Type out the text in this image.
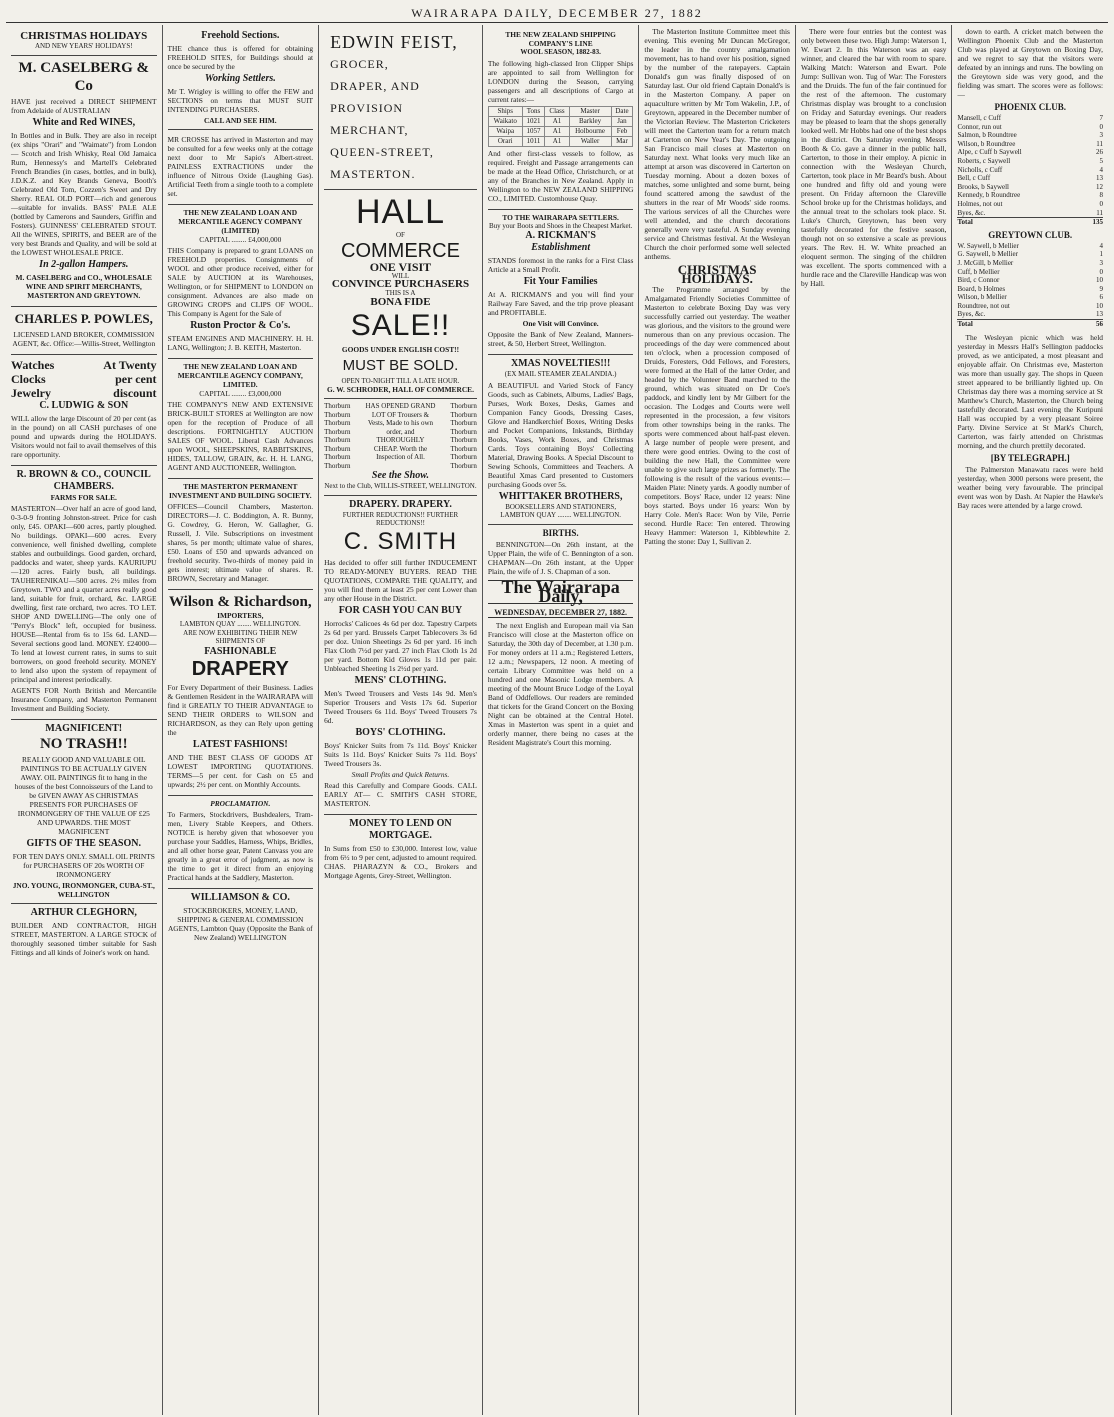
WAIRARAPA DAILY, DECEMBER 27, 1882
CHRISTMAS HOLIDAYS
AND NEW YEARS' HOLIDAYS!
M. CASELBERG & Co

HAVE just received a DIRECT SHIPMENT from Adelaide of AUSTRALIAN

White and Red WINES,

In Bottles and in Bulk. They are also in receipt (ex ships "Orari" and "Waimate") from London — Scotch and Irish Whisky, Real Old Jamaica Rum, Hennessy's and Martell's Celebrated French Brandies (in cases, bottles, and in bulk), J.D.K.Z. and Key Brands Geneva, Booth's Celebrated Old Tom, Cozzen's Sweet and Dry Sherry. REAL OLD PORT—rich and generous—suitable for invalids. BASS' PALE ALE (bottled by Camerons and Saunders, Griffin and Fosters). GUINNESS' CELEBRATED STOUT. All the WINES, SPIRITS, and BEER are of the very best Brands and Quality, and will be sold at the LOWEST WHOLESALE PRICE.

In 2-gallon Hampers.

M. CASELBERG and CO., WHOLESALE WINE AND SPIRIT MERCHANTS, MASTERTON AND GREYTOWN.

CHARLES P. POWLES,

LICENSED LAND BROKER, COMMISSION AGENT, &c. Office:—Willis-Street, Wellington

Watches Clocks Jewelry
At Twenty per cent discount
C. LUDWIG & SON

WILL allow the large Discount of 20 per cent (as in the pound) on all CASH purchases of one pound and upwards during the HOLIDAYS. Visitors would not fail to avail themselves of this rare opportunity.

R. BROWN & CO., COUNCIL CHAMBERS.
FARMS FOR SALE.

MASTERTON—Over half an acre of good land, 0-3-0-9 fronting Johnston-street. Price for cash only, £45. OPAKI—600 acres, partly ploughed. No buildings. OPAKI—600 acres. Every convenience, well finished dwelling, complete stables and outbuildings. Good garden, orchard, paddocks and water, sheep yards. KAURIUPU—120 acres. Fairly bush, all buildings. TAUHERENIKAU—500 acres. 2½ miles from Greytown. TWO and a quarter acres really good land, suitable for fruit, orchard, &c. LARGE dwelling, first rate orchard, two acres. TO LET. SHOP AND DWELLING—The only one of "Perry's Block" left, occupied for business. HOUSE—Rental from 6s to 15s 6d. LAND—Several sections good land. MONEY. £24000—To lend at lowest current rates, in sums to suit borrowers, on good freehold security. MONEY to lend also upon the system of repayment of principal and interest periodically.

AGENTS FOR North British and Mercantile Insurance Company, and Masterton Permanent Investment and Building Society.

MAGNIFICENT!
NO TRASH!!

REALLY GOOD AND VALUABLE OIL PAINTINGS TO BE ACTUALLY GIVEN AWAY. OIL PAINTINGS fit to hang in the houses of the best Connoisseurs of the Land to be GIVEN AWAY AS CHRISTMAS PRESENTS FOR PURCHASES OF IRONMONGERY OF THE VALUE OF £25 AND UPWARDS. THE MOST MAGNIFICENT

GIFTS OF THE SEASON.

FOR TEN DAYS ONLY. SMALL OIL PRINTS for PURCHASERS OF 20s WORTH OF IRONMONGERY

JNO. YOUNG, IRONMONGER, CUBA-ST., WELLINGTON
ARTHUR CLEGHORN,

BUILDER AND CONTRACTOR, HIGH STREET, MASTERTON. A LARGE STOCK of thoroughly seasoned timber suitable for Sash Fittings and all kinds of Joiner's work on hand.

Freehold Sections.

THE chance thus is offered for obtaining FREEHOLD SITES, for Buildings should at once be secured by the

Working Settlers.

Mr T. Wrigley is willing to offer the FEW and SECTIONS on terms that MUST SUIT INTENDING PURCHASERS.

CALL AND SEE HIM.

MR CROSSE has arrived in Masterton and may be consulted for a few weeks only at the cottage next door to Mr Sapio's Albert-street. PAINLESS EXTRACTIONS under the influence of Nitrous Oxide (Laughing Gas). Artificial Teeth from a single tooth to a complete set.

THE NEW ZEALAND LOAN AND MERCANTILE AGENCY COMPANY (LIMITED)
CAPITAL ........ £4,000,000

THIS Company is prepared to grant LOANS on FREEHOLD properties. Consignments of WOOL and other produce received, either for SALE by AUCTION at its Warehouses, Wellington, or for SHIPMENT to LONDON on consignment. Advances are also made on GROWING CROPS and CLIPS OF WOOL. This Company is Agent for the Sale of

Ruston Proctor & Co's.

STEAM ENGINES AND MACHINERY. H. H. LANG, Wellington; J. B. KEITH, Masterton.

THE NEW ZEALAND LOAN AND MERCANTILE AGENCY COMPANY, LIMITED.
CAPITAL ........ £3,000,000

THE COMPANY'S NEW AND EXTENSIVE BRICK-BUILT STORES at Wellington are now open for the reception of Produce of all descriptions. FORTNIGHTLY AUCTION SALES OF WOOL. Liberal Cash Advances upon WOOL, SHEEPSKINS, RABBITSKINS, HIDES, TALLOW, GRAIN, &c. H. H. LANG, AGENT AND AUCTIONEER, Wellington.

THE MASTERTON PERMANENT INVESTMENT AND BUILDING SOCIETY.

OFFICES—Council Chambers, Masterton. DIRECTORS—J. C. Boddington, A. R. Bunny, G. Cowdrey, G. Heron, W. Gallagher, G. Russell, J. Vile. Subscriptions on investment shares, 5s per month; ultimate value of shares, £50. Loans of £50 and upwards advanced on freehold security. Two-thirds of money paid in gets interest; ultimate value of shares. R. BROWN, Secretary and Manager.

Wilson & Richardson,
IMPORTERS,
LAMBTON QUAY ........ WELLINGTON.
ARE NOW EXHIBITING THEIR NEW SHIPMENTS OF
FASHIONABLE
DRAPERY

For Every Department of their Business. Ladies & Gentlemen Resident in the WAIRARAPA will find it GREATLY TO THEIR ADVANTAGE to SEND THEIR ORDERS to WILSON and RICHARDSON, as they can Rely upon getting the

LATEST FASHIONS!

AND THE BEST CLASS OF GOODS AT LOWEST IMPORTING QUOTATIONS. TERMS—5 per cent. for Cash on £5 and upwards; 2½ per cent. on Monthly Accounts.

PROCLAMATION.

To Farmers, Stockdrivers, Bushdealers, Tram-men, Livery Stable Keepers, and Others. NOTICE is hereby given that whosoever you purchase your Saddles, Harness, Whips, Bridles, and all other horse gear, Patent Canvass you are greatly in a great error of judgment, as now is the time to get it direct from an enjoying Practical hands at the Saddlery, Masterton.

WILLIAMSON & CO.

STOCKBROKERS, MONEY, LAND, SHIPPING & GENERAL COMMISSION AGENTS, Lambton Quay (Opposite the Bank of New Zealand) WELLINGTON

EDWIN FEIST,
GROCER,
DRAPER, AND
PROVISION MERCHANT,
QUEEN-STREET,
MASTERTON.
HALL
OF
COMMERCE
ONE VISIT
WILL
CONVINCE PURCHASERS
THIS IS A
BONA FIDE
SALE!!
GOODS UNDER ENGLISH COST!!
MUST BE SOLD.
OPEN TO-NIGHT TILL A LATE HOUR.
G. W. SCHRODER, HALL OF COMMERCE.
Thorburn Thorburn Thorburn Thorburn Thorburn Thorburn Thorburn Thorburn
HAS OPENED GRAND LOT OF Trousers & Vests, Made to his own order, and THOROUGHLY CHEAP. Worth the Inspection of All.
Thorburn Thorburn Thorburn Thorburn Thorburn Thorburn Thorburn Thorburn
See the Show.
Next to the Club, WILLIS-STREET, WELLINGTON.
DRAPERY. DRAPERY.
FURTHER REDUCTIONS!! FURTHER REDUCTIONS!!
C. SMITH

Has decided to offer still further INDUCEMENT TO READY-MONEY BUYERS. READ THE QUOTATIONS, COMPARE THE QUALITY, and you will find them at least 25 per cent Lower than any other House in the District.

FOR CASH YOU CAN BUY

Horrocks' Calicoes 4s 6d per doz. Tapestry Carpets 2s 6d per yard. Brussels Carpet Tablecovers 3s 6d per doz. Union Sheetings 2s 6d per yard. 16 inch Flax Cloth 7½d per yard. 27 inch Flax Cloth 1s 2d per yard. Bottom Kid Gloves 1s 11d per pair. Unbleached Sheeting 1s 2½d per yard.

MENS' CLOTHING.

Men's Tweed Trousers and Vests 14s 9d. Men's Superior Trousers and Vests 17s 6d. Superior Tweed Trousers 6s 11d. Boys' Tweed Trousers 7s 6d.

BOYS' CLOTHING.

Boys' Knicker Suits from 7s 11d. Boys' Knicker Suits 1s 11d. Boys' Knicker Suits 7s 11d. Boys' Tweed Trousers 3s.

Small Profits and Quick Returns.

Read this Carefully and Compare Goods. CALL EARLY AT— C. SMITH'S CASH STORE, MASTERTON.

MONEY TO LEND ON MORTGAGE.

In Sums from £50 to £30,000. Interest low, value from 6½ to 9 per cent, adjusted to amount required. CHAS. PHARAZYN & CO., Brokers and Mortgage Agents, Grey-Street, Wellington.

THE NEW ZEALAND SHIPPING COMPANY'S LINE
WOOL SEASON, 1882-83.

The following high-classed Iron Clipper Ships are appointed to sail from Wellington for LONDON during the Season, carrying passengers and all descriptions of Cargo at current rates:—

Ships	Tons	Class	Master	Date
Waikato	1021	A1	Barkley	Jan
Waipa	1057	A1	Holbourne	Feb
Orari	1011	A1	Waller	Mar

And other first-class vessels to follow, as required. Freight and Passage arrangements can be made at the Head Office, Christchurch, or at any of the Branches in New Zealand. Apply in Wellington to the NEW ZEALAND SHIPPING CO., LIMITED. Customhouse Quay.

TO THE WAIRARAPA SETTLERS.
Buy your Boots and Shoes in the Cheapest Market.
A. RICKMAN'S
Establishment

STANDS foremost in the ranks for a First Class Article at a Small Profit.

Fit Your Families

At A. RICKMAN'S and you will find your Railway Fare Saved, and the trip prove pleasant and PROFITABLE.

One Visit will Convince.

Opposite the Bank of New Zealand, Manners-street, & 50, Herbert Street, Wellington.

XMAS NOVELTIES!!!
(EX MAIL STEAMER ZEALANDIA.)

A BEAUTIFUL and Varied Stock of Fancy Goods, such as Cabinets, Albums, Ladies' Bags, Purses, Work Boxes, Desks, Games and Companion Fancy Goods, Dressing Cases, Glove and Handkerchief Boxes, Writing Desks and Pocket Companions, Inkstands, Birthday Books, Vases, Work Boxes, and Christmas Cards. Toys containing Boys' Collecting Material, Drawing Books. A Special Discount to Sewing Schools, Committees and Teachers. A Beautiful Xmas Card presented to Customers purchasing Goods over 5s.

WHITTAKER BROTHERS,
BOOKSELLERS AND STATIONERS, LAMBTON QUAY ........ WELLINGTON.
BIRTHS.

BENNINGTON—On 26th instant, at the Upper Plain, the wife of C. Bennington of a son. CHAPMAN—On 26th instant, at the Upper Plain, the wife of J. S. Chapman of a son.

The Wairarapa Daily,
WEDNESDAY, DECEMBER 27, 1882.

The next English and European mail via San Francisco will close at the Masterton office on Saturday, the 30th day of December, at 1.30 p.m. For money orders at 11 a.m.; Registered Letters, 12 a.m.; Newspapers, 12 noon. A meeting of certain Library Committee was held on a hundred and one Masonic Lodge members. A meeting of the Mount Bruce Lodge of the Loyal Band of Oddfellows. Our readers are reminded that tickets for the Grand Concert on the Boxing Night can be obtained at the Central Hotel. Xmas in Masterton was spent in a quiet and orderly manner, there being no cases at the Resident Magistrate's Court this morning.

The Masterton Institute Committee meet this evening. This evening Mr Duncan McGregor, the leader in the country amalgamation movement, has to hand over his position, signed by the number of the ratepayers. Captain Donald's gun was finally disposed of on Saturday last. Our old friend Captain Donald's is in the Masterton Company. A paper on aquaculture written by Mr Tom Wakelin, J.P., of Greytown, appeared in the December number of the Victorian Review. The Masterton Cricketers will meet the Carterton team for a return match at Carterton on New Year's Day. The outgoing San Francisco mail closes at Masterton on Saturday next. What looks very much like an attempt at arson was discovered in Carterton on Tuesday morning. About a dozen boxes of matches, some unlighted and some burnt, being found scattered among the sawdust of the shutters in the rear of Mr Woods' side rooms. The various services of all the Churches were well attended, and the church decorations generally were very tasteful. A Sunday evening service and Christmas festival. At the Wesleyan Church the choir performed some well selected anthems.

CHRISTMAS HOLIDAYS.

The Programme arranged by the Amalgamated Friendly Societies Committee of Masterton to celebrate Boxing Day was very successfully carried out yesterday. The weather was glorious, and the visitors to the ground were numerous than on any previous occasion. The proceedings of the day were commenced about ten o'clock, when a procession composed of Druids, Foresters, Odd Fellows, and Foresters, were formed at the Hall of the latter Order, and headed by the Volunteer Band marched to the ground, which was situated on Dr Coe's paddock, and kindly lent by Mr Gilbert for the occasion. The Lodges and Courts were well represented in the procession, a few visitors from other townships being in the ranks. The sports were commenced about half-past eleven. A large number of people were present, and there were good entries. Owing to the cost of building the new Hall, the Committee were unable to give such large prizes as formerly. The following is the result of the various events:— Maiden Plate: Ninety yards. A goodly number of competitors. Boys' Race, under 12 years: Nine boys started. Boys under 16 years: Won by Harry Cole. Men's Race: Won by Vile, Perrie second. Hurdle Race: Ten entered. Throwing Heavy Hammer: Waterson 1, Kibblewhite 2. Patting the stone: Day 1, Sullivan 2.

There were four entries but the contest was only between these two. High Jump: Waterson 1, W. Ewart 2. In this Waterson was an easy winner, and cleared the bar with room to spare. Walking Match: Waterson and Ewart. Pole Jump: Sullivan won. Tug of War: The Foresters and the Druids. The fun of the fair continued for the rest of the afternoon. The customary Christmas display was brought to a conclusion on Friday and Saturday evenings. Our readers may be pleased to learn that the shops generally looked well. Mr Hobbs had one of the best shops in the district. On Saturday evening Messrs Booth & Co. gave a dinner in the public hall, Carterton, to those in their employ. A picnic in connection with the Wesleyan Church, Carterton, took place in Mr Beard's bush. About one hundred and fifty old and young were present. On Friday afternoon the Clareville School broke up for the Christmas holidays, and the annual treat to the scholars took place. St. Luke's Church, Greytown, has been very tastefully decorated for the festive season, though not on so extensive a scale as previous years. The Rev. H. W. White preached an eloquent sermon. The singing of the children was excellent. The sports commenced with a hurdle race and the Clareville Handicap was won by Hall.

down to earth. A cricket match between the Wellington Phoenix Club and the Masterton Club was played at Greytown on Boxing Day, and we regret to say that the visitors were defeated by an innings and runs. The bowling on the Greytown side was very good, and the fielding was smart. The scores were as follows:—

PHOENIX CLUB.
Mansell, c Cuff	7
Connor, run out	0
Salmon, b Roundtree	3
Wilson, b Roundtree	11
Alpe, c Cuff b Saywell	26
Roberts, c Saywell	5
Nicholls, c Cuff	4
Bell, c Cuff	13
Brooks, b Saywell	12
Kennedy, b Roundtree	8
Holmes, not out	0
Byes, &c.	11
Total	135
GREYTOWN CLUB.
W. Saywell, b Mellier	4
G. Saywell, b Mellier	1
J. McGill, b Mellier	3
Cuff, b Mellier	0
Bird, c Connor	10
Board, b Holmes	9
Wilson, b Mellier	6
Roundtree, not out	10
Byes, &c.	13
Total	56

The Wesleyan picnic which was held yesterday in Messrs Hall's Sellington paddocks proved, as we anticipated, a most pleasant and enjoyable affair. On Christmas eve, Masterton was more than usually gay. The shops in Queen street appeared to be brilliantly lighted up. On Christmas day there was a morning service at St Matthew's Church, Masterton, the Church being tastefully decorated. Last evening the Kuripuni Hall was occupied by a very pleasant Soiree Party. Divine Service at St Mark's Church, Carterton, was fairly attended on Christmas morning, and the church prettily decorated.

[BY TELEGRAPH.]

The Palmerston Manawatu races were held yesterday, when 3000 persons were present, the weather being very favourable. The principal event was won by Dash. At Napier the Hawke's Bay races were attended by a large crowd.
